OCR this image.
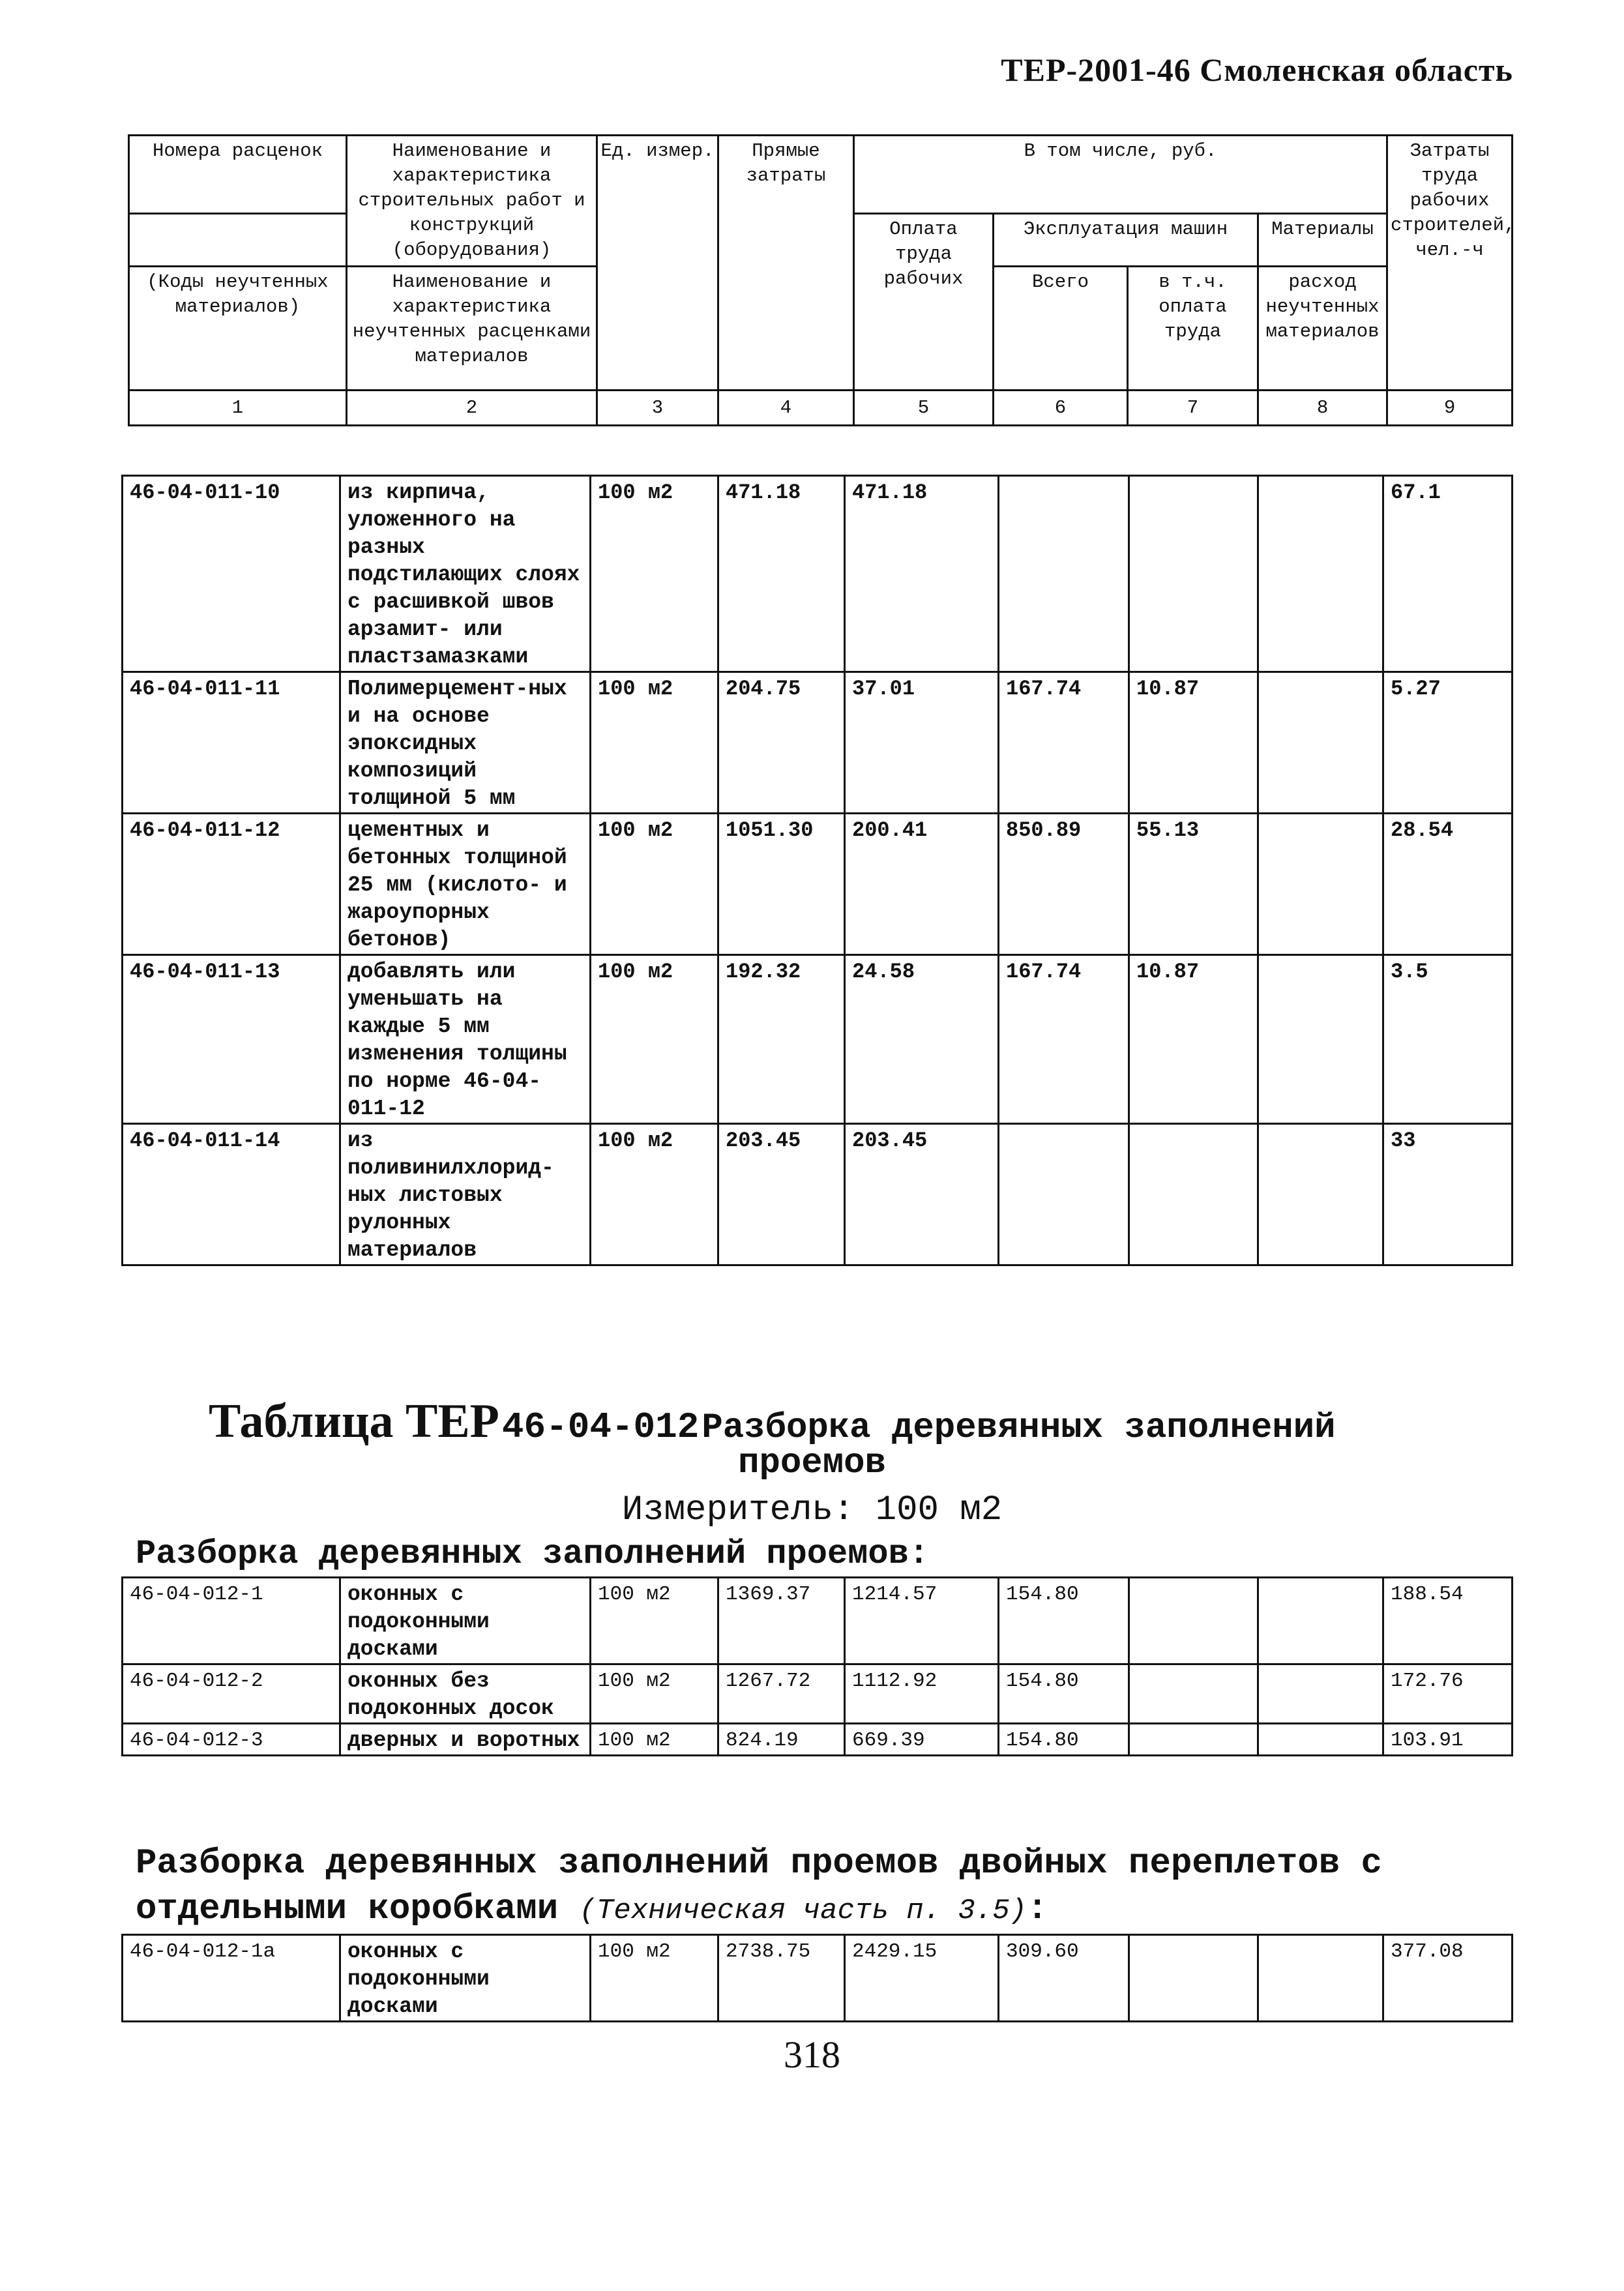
ТЕР-2001-46 Смоленская область
Номера расценок	Наименование и характеристика строительных работ и конструкций (оборудования)	Ед. измер.	Прямые затраты	В том числе, руб.				Затраты труда рабочих строителей, чел.-ч
				Оплата труда рабочих	Эксплуатация машин		Материалы	
(Коды неучтенных материалов)	Наименование и характеристика неучтенных расценками материалов				Всего	в т.ч. оплата труда	расход неучтенных материалов	

1	2	3	4	5	6	7	8	9
46-04-011-10	из кирпича, уложенного на разных подстилающих слоях с расшивкой швов арзамит- или пластзамазками	100 м2	471.18	471.18				67.1
46-04-011-11	Полимерцемент-ных и на основе эпоксидных композиций толщиной 5 мм	100 м2	204.75	37.01	167.74	10.87		5.27
46-04-011-12	цементных и бетонных толщиной 25 мм (кислото- и жароупорных бетонов)	100 м2	1051.30	200.41	850.89	55.13		28.54
46-04-011-13	добавлять или уменьшать на каждые 5 мм изменения толщины по норме 46-04-011-12	100 м2	192.32	24.58	167.74	10.87		3.5
46-04-011-14	из поливинилхлорид-ных листовых рулонных материалов	100 м2	203.45	203.45				33
Таблица ТЕР 46-04-012 Разборка деревянных заполнений
проемов
Измеритель: 100 м2
Разборка деревянных заполнений проемов:
46-04-012-1	оконных с подоконными досками	100 м2	1369.37	1214.57	154.80			188.54
46-04-012-2	оконных без подоконных досок	100 м2	1267.72	1112.92	154.80			172.76
46-04-012-3	дверных и воротных	100 м2	824.19	669.39	154.80			103.91
Разборка деревянных заполнений проемов двойных переплетов с
отдельными коробками (Техническая часть п. 3.5):
46-04-012-1a	оконных с подоконными досками	100 м2	2738.75	2429.15	309.60			377.08
318
